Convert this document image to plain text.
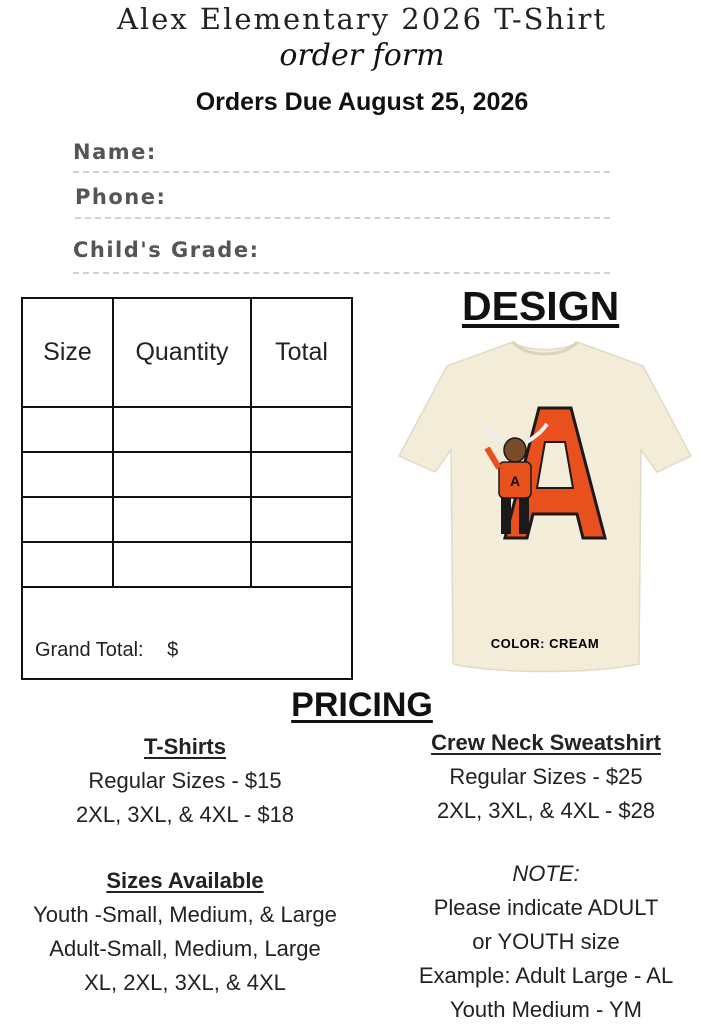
Alex Elementary 2026 T-Shirt
order form
Orders Due August 25, 2026
Name:
Phone:
Child's Grade:
Size	Quantity	Total

Grand Total: $		
DESIGN
A
COLOR: CREAM
PRICING
T-Shirts
Regular Sizes - $15
2XL, 3XL, & 4XL - $18
Crew Neck Sweatshirt
Regular Sizes - $25
2XL, 3XL, & 4XL - $28
Sizes Available
Youth -Small, Medium, & Large
Adult-Small, Medium, Large
XL, 2XL, 3XL, & 4XL
NOTE:
Please indicate ADULT
or YOUTH size
Example: Adult Large - AL
Youth Medium - YM
